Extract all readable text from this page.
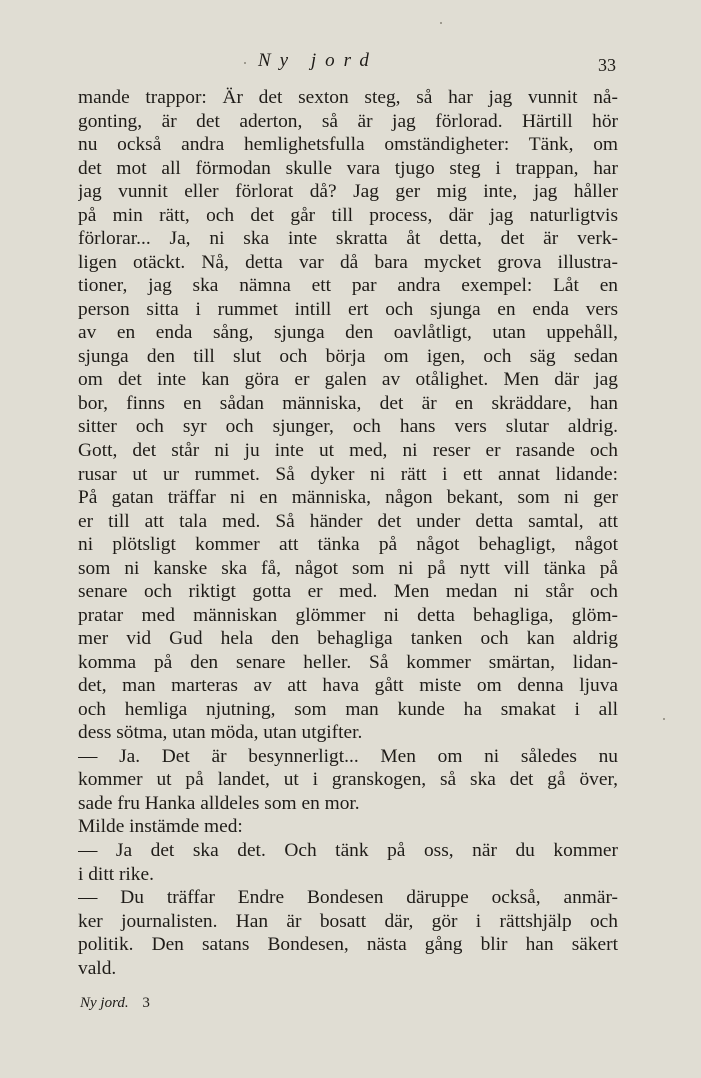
Ny jord	33
mande trappor: Är det sexton steg, så har jag vunnit nå-
gonting, är det aderton, så är jag förlorad. Härtill hör
nu också andra hemlighetsfulla omständigheter: Tänk, om
det mot all förmodan skulle vara tjugo steg i trappan, har
jag vunnit eller förlorat då? Jag ger mig inte, jag håller
på min rätt, och det går till process, där jag naturligtvis
förlorar... Ja, ni ska inte skratta åt detta, det är verk-
ligen otäckt. Nå, detta var då bara mycket grova illustra-
tioner, jag ska nämna ett par andra exempel: Låt en
person sitta i rummet intill ert och sjunga en enda vers
av en enda sång, sjunga den oavlåtligt, utan uppehåll,
sjunga den till slut och börja om igen, och säg sedan
om det inte kan göra er galen av otålighet. Men där jag
bor, finns en sådan människa, det är en skräddare, han
sitter och syr och sjunger, och hans vers slutar aldrig.
Gott, det står ni ju inte ut med, ni reser er rasande och
rusar ut ur rummet. Så dyker ni rätt i ett annat lidande:
På gatan träffar ni en människa, någon bekant, som ni ger
er till att tala med. Så händer det under detta samtal, att
ni plötsligt kommer att tänka på något behagligt, något
som ni kanske ska få, något som ni på nytt vill tänka på
senare och riktigt gotta er med. Men medan ni står och
pratar med människan glömmer ni detta behagliga, glöm-
mer vid Gud hela den behagliga tanken och kan aldrig
komma på den senare heller. Så kommer smärtan, lidan-
det, man marteras av att hava gått miste om denna ljuva
och hemliga njutning, som man kunde ha smakat i all
dess sötma, utan möda, utan utgifter.
— Ja. Det är besynnerligt... Men om ni således nu
kommer ut på landet, ut i granskogen, så ska det gå över,
sade fru Hanka alldeles som en mor.
Milde instämde med:
— Ja det ska det. Och tänk på oss, när du kommer
i ditt rike.
— Du träffar Endre Bondesen däruppe också, anmär-
ker journalisten. Han är bosatt där, gör i rättshjälp och
politik. Den satans Bondesen, nästa gång blir han säkert
vald.
Ny jord. 3
